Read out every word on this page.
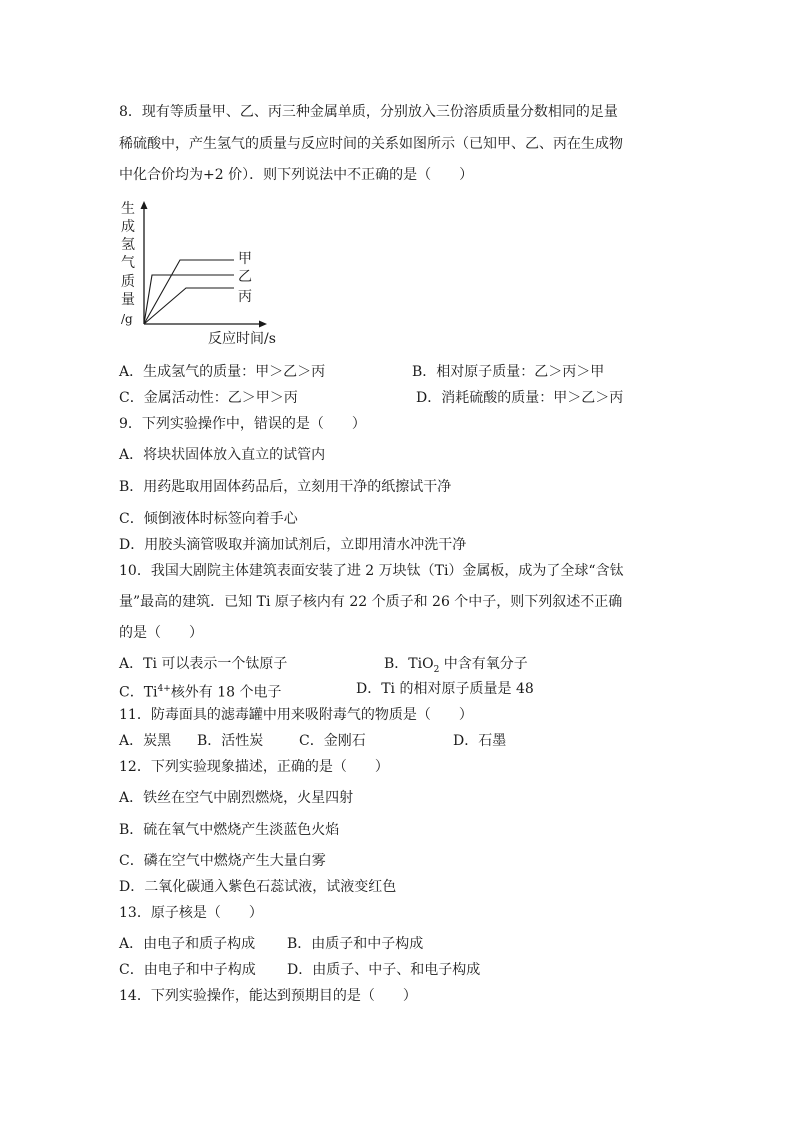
8．现有等质量甲、乙、丙三种金属单质，分别放入三份溶质质量分数相同的足量
稀硫酸中，产生氢气的质量与反应时间的关系如图所示（已知甲、乙、丙在生成物
中化合价均为+2 价）．则下列说法中不正确的是（　　）
生
成
氢
气
质
量
/g
甲
乙
丙
反应时间/s
A．生成氢气的质量：甲＞乙＞丙	B．相对原子质量：乙＞丙＞甲
C．金属活动性：乙＞甲＞丙	D．消耗硫酸的质量：甲＞乙＞丙
9．下列实验操作中，错误的是（　　）
A．将块状固体放入直立的试管内
B．用药匙取用固体药品后，立刻用干净的纸擦试干净
C．倾倒液体时标签向着手心
D．用胶头滴管吸取并滴加试剂后，立即用清水冲洗干净
10．我国大剧院主体建筑表面安装了进 2 万块钛（Ti）金属板，成为了全球“含钛
量”最高的建筑．已知 Ti 原子核内有 22 个质子和 26 个中子，则下列叙述不正确
的是（　　）
A．Ti 可以表示一个钛原子	B．TiO$_2$ 中含有氧分子
C．$Ti^{4+}$核外有 18 个电子	D．Ti 的相对原子质量是 48
11．防毒面具的滤毒罐中用来吸附毒气的物质是（　　）
A．炭黑 B．活性炭	C．金刚石	D．石墨
12．下列实验现象描述，正确的是（　　）
A．铁丝在空气中剧烈燃烧，火星四射
B．硫在氧气中燃烧产生淡蓝色火焰
C．磷在空气中燃烧产生大量白雾
D．二氧化碳通入紫色石蕊试液，试液变红色
13．原子核是（　　）
A．由电子和质子构成 B．由质子和中子构成
C．由电子和中子构成 D．由质子、中子、和电子构成
14．下列实验操作，能达到预期目的是（　　）
